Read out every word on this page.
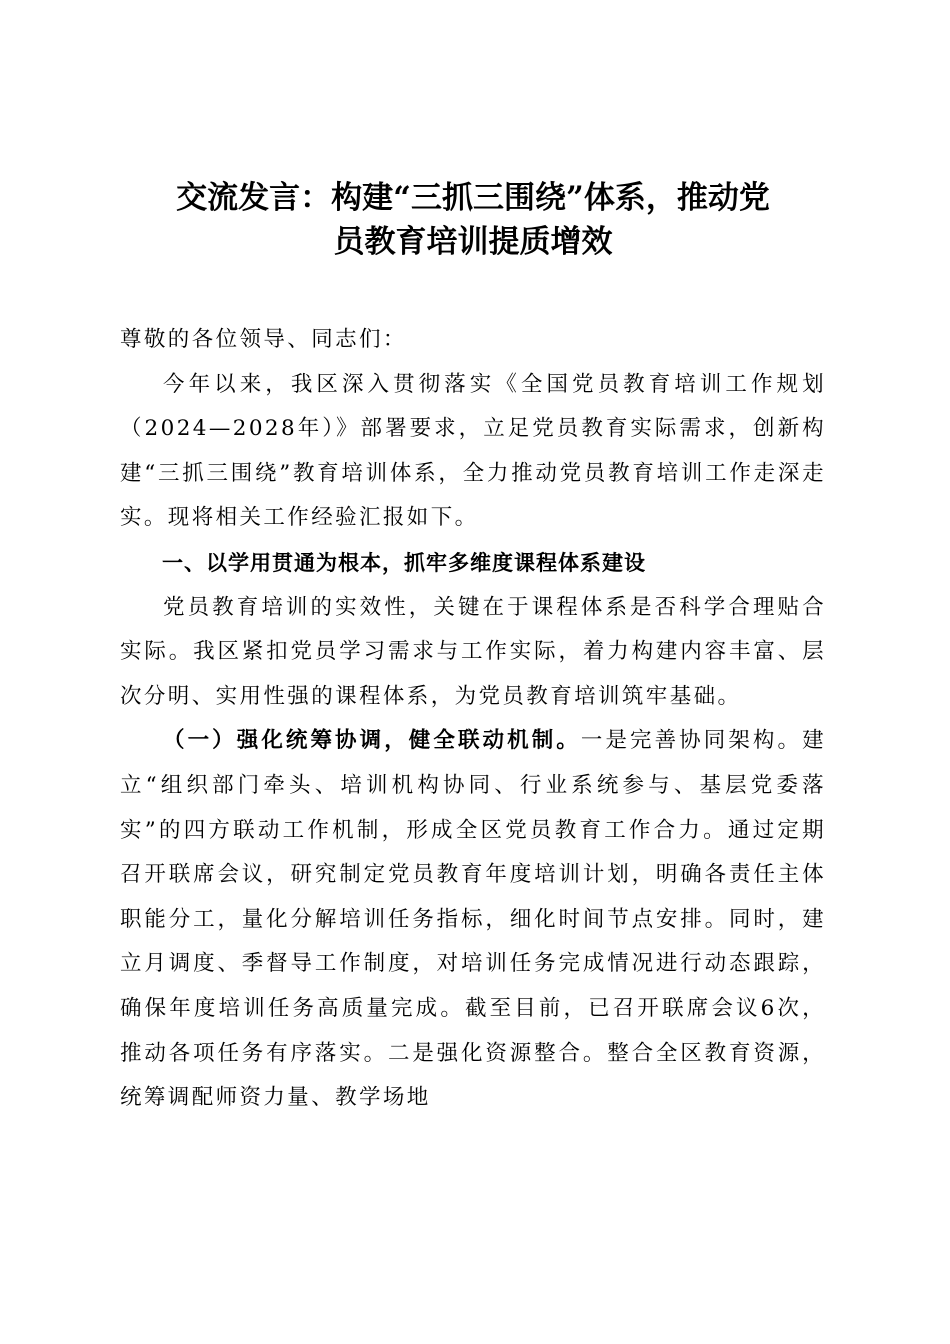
交流发言：构建“三抓三围绕”体系，推动党
员教育培训提质增效

尊敬的各位领导、同志们：

今年以来，我区深入贯彻落实《全国党员教育培训工作规划（2024—2028年）》部署要求，立足党员教育实际需求，创新构建“三抓三围绕”教育培训体系，全力推动党员教育培训工作走深走实。现将相关工作经验汇报如下。

一、以学用贯通为根本，抓牢多维度课程体系建设

党员教育培训的实效性，关键在于课程体系是否科学合理贴合实际。我区紧扣党员学习需求与工作实际，着力构建内容丰富、层次分明、实用性强的课程体系，为党员教育培训筑牢基础。

（一）强化统筹协调，健全联动机制。一是完善协同架构。建立“组织部门牵头、培训机构协同、行业系统参与、基层党委落实”的四方联动工作机制，形成全区党员教育工作合力。通过定期召开联席会议，研究制定党员教育年度培训计划，明确各责任主体职能分工，量化分解培训任务指标，细化时间节点安排。同时，建立月调度、季督导工作制度，对培训任务完成情况进行动态跟踪，确保年度培训任务高质量完成。截至目前，已召开联席会议6次，推动各项任务有序落实。二是强化资源整合。整合全区教育资源，统筹调配师资力量、教学场地
